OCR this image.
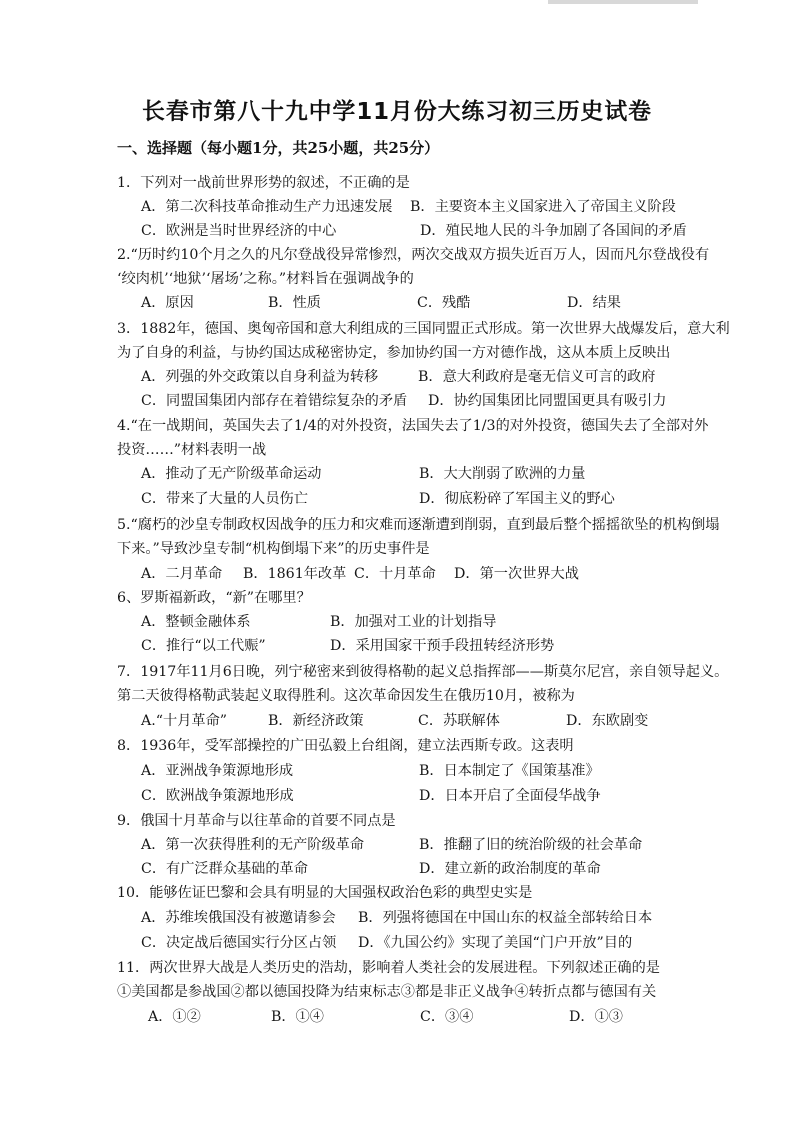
长春市第八十九中学11月份大练习初三历史试卷
一、选择题（每小题1分，共25小题，共25分）
1．下列对一战前世界形势的叙述，不正确的是
A．第二次科技革命推动生产力迅速发展 B．主要资本主义国家进入了帝国主义阶段
C．欧洲是当时世界经济的中心	D．殖民地人民的斗争加剧了各国间的矛盾
2.“历时约10个月之久的凡尔登战役异常惨烈，两次交战双方损失近百万人，因而凡尔登战役有
‘绞肉机’‘地狱’‘屠场’之称。”材料旨在强调战争的
A．原因	B．性质	C．残酷	D．结果
3．1882年，德国、奥匈帝国和意大利组成的三国同盟正式形成。第一次世界大战爆发后，意大利
为了自身的利益，与协约国达成秘密协定，参加协约国一方对德作战，这从本质上反映出
A．列强的外交政策以自身利益为转移	B．意大利政府是毫无信义可言的政府
C．同盟国集团内部存在着错综复杂的矛盾 D．协约国集团比同盟国更具有吸引力
4.“在一战期间，英国失去了1/4的对外投资，法国失去了1/3的对外投资，德国失去了全部对外
投资……”材料表明一战
A．推动了无产阶级革命运动	B．大大削弱了欧洲的力量
C．带来了大量的人员伤亡	D．彻底粉碎了军国主义的野心
5.“腐朽的沙皇专制政权因战争的压力和灾难而逐渐遭到削弱，直到最后整个摇摇欲坠的机构倒塌
下来。”导致沙皇专制“机构倒塌下来”的历史事件是
A．二月革命 B．1861年改革 C．十月革命 D．第一次世界大战
6、罗斯福新政，“新”在哪里？
A．整顿金融体系	B．加强对工业的计划指导
C．推行“以工代赈”	D．采用国家干预手段扭转经济形势
7．1917年11月6日晚，列宁秘密来到彼得格勒的起义总指挥部——斯莫尔尼宫，亲自领导起义。
第二天彼得格勒武装起义取得胜利。这次革命因发生在俄历10月，被称为
A.“十月革命”	B．新经济政策	C．苏联解体	D．东欧剧变
8．1936年，受军部操控的广田弘毅上台组阁，建立法西斯专政。这表明
A．亚洲战争策源地形成	B．日本制定了《国策基准》
C．欧洲战争策源地形成	D．日本开启了全面侵华战争
9．俄国十月革命与以往革命的首要不同点是
A．第一次获得胜利的无产阶级革命	B．推翻了旧的统治阶级的社会革命
C．有广泛群众基础的革命	D．建立新的政治制度的革命
10．能够佐证巴黎和会具有明显的大国强权政治色彩的典型史实是
A．苏维埃俄国没有被邀请参会 B．列强将德国在中国山东的权益全部转给日本
C．决定战后德国实行分区占领 D．《九国公约》实现了美国“门户开放”目的
11．两次世界大战是人类历史的浩劫，影响着人类社会的发展进程。下列叙述正确的是
①美国都是参战国②都以德国投降为结束标志③都是非正义战争④转折点都与德国有关
A．①②	B．①④	C．③④	D．①③
